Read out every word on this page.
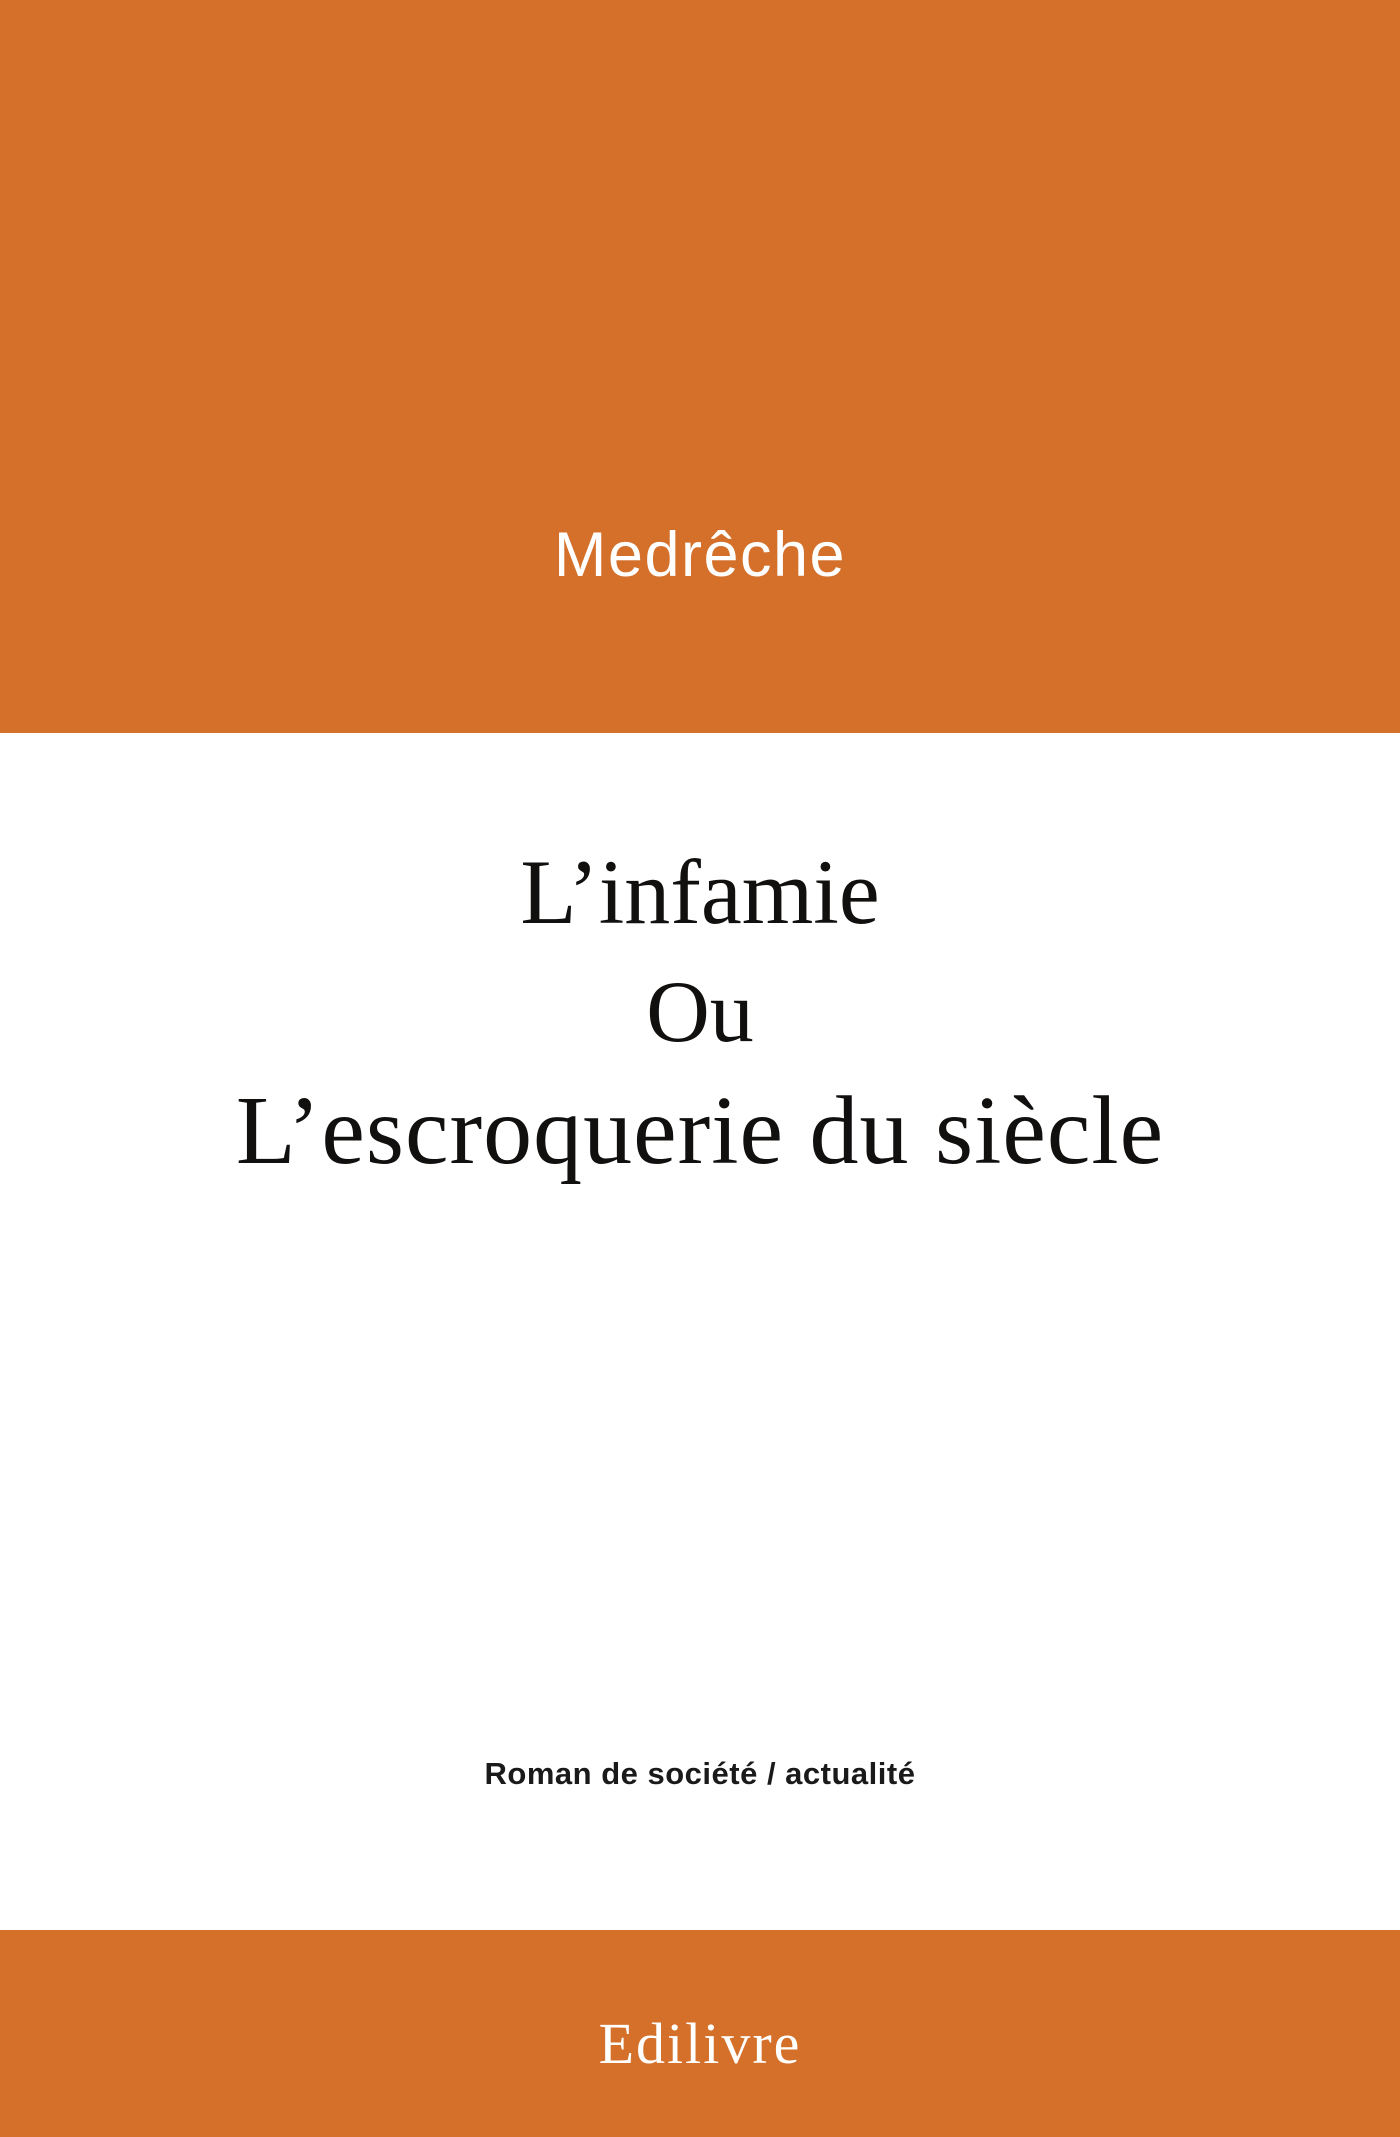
Medrêche
L’infamie
Ou
L’escroquerie du siècle
Roman de société / actualité
Edilivre
